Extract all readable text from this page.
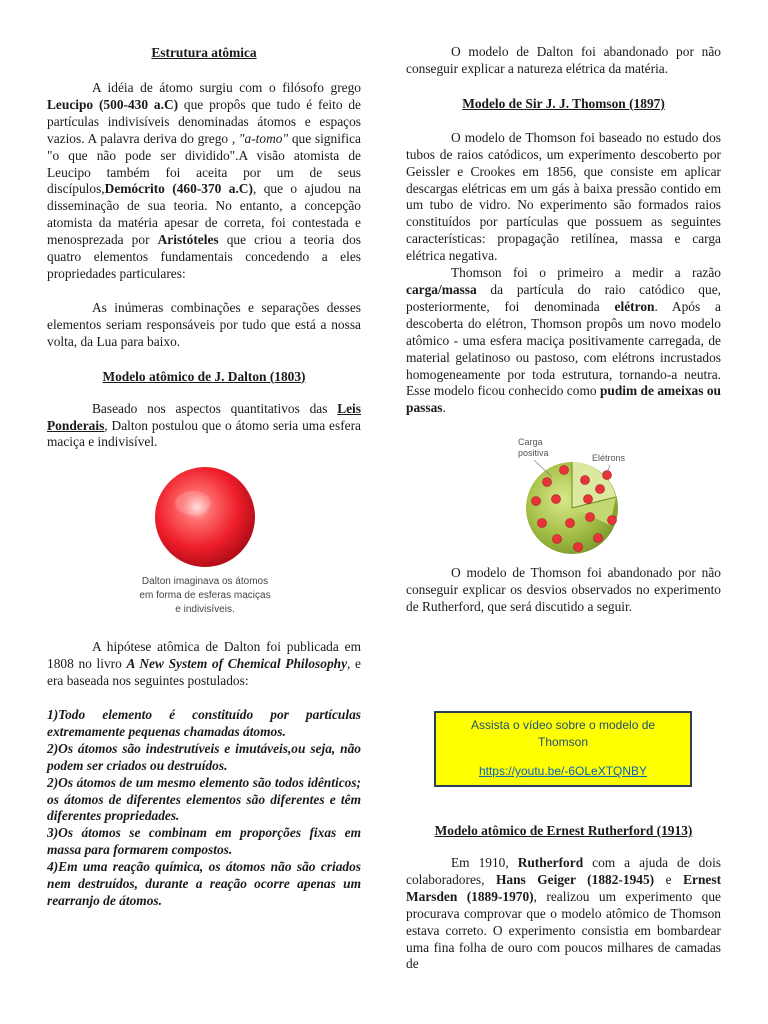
Estrutura atômica

A idéia de átomo surgiu com o filósofo grego Leucipo (500-430 a.C) que propôs que tudo é feito de partículas indivisíveis denominadas átomos e espaços vazios. A palavra deriva do grego , "a-tomo" que significa "o que não pode ser dividido".A visão atomista de Leucipo também foi aceita por um de seus discípulos,Demócrito (460-370 a.C), que o ajudou na disseminação de sua teoria. No entanto, a concepção atomista da matéria apesar de correta, foi contestada e menosprezada por Aristóteles que criou a teoria dos quatro elementos fundamentais concedendo a eles propriedades particulares:

As inúmeras combinações e separações desses elementos seriam responsáveis por tudo que está a nossa volta, da Lua para baixo.

Modelo atômico de J. Dalton (1803)

Baseado nos aspectos quantitativos das Leis Ponderais, Dalton postulou que o átomo seria uma esfera maciça e indivisível.

Dalton imaginava os átomos
em forma de esferas maciças
e indivisíveis.

A hipótese atômica de Dalton foi publicada em 1808 no livro A New System of Chemical Philosophy, e era baseada nos seguintes postulados:

1)Todo elemento é constituído por partículas extremamente pequenas chamadas átomos.

2)Os átomos são indestrutíveis e imutáveis,ou seja, não podem ser criados ou destruídos.

2)Os átomos de um mesmo elemento são todos idênticos; os átomos de diferentes elementos são diferentes e têm diferentes propriedades.

3)Os átomos se combinam em proporções fixas em massa para formarem compostos.

4)Em uma reação química, os átomos não são criados nem destruídos, durante a reação ocorre apenas um rearranjo de átomos.

O modelo de Dalton foi abandonado por não conseguir explicar a natureza elétrica da matéria.

Modelo de Sir J. J. Thomson (1897)

O modelo de Thomson foi baseado no estudo dos tubos de raios catódicos, um experimento descoberto por Geissler e Crookes em 1856, que consiste em aplicar descargas elétricas em um gás à baixa pressão contido em um tubo de vidro. No experimento são formados raios constituídos por partículas que possuem as seguintes características: propagação retilínea, massa e carga elétrica negativa.

Thomson foi o primeiro a medir a razão carga/massa da partícula do raio catódico que, posteriormente, foi denominada elétron. Após a descoberta do elétron, Thomson propôs um novo modelo atômico - uma esfera maciça positivamente carregada, de material gelatinoso ou pastoso, com elétrons incrustados homogeneamente por toda estrutura, tornando-a neutra. Esse modelo ficou conhecido como pudim de ameixas ou passas.

Carga
positiva	Elétrons

O modelo de Thomson foi abandonado por não conseguir explicar os desvios observados no experimento de Rutherford, que será discutido a seguir.

Assista o vídeo sobre o modelo de
Thomson
https://youtu.be/-6OLeXTQNBY
Modelo atômico de Ernest Rutherford (1913)

Em 1910, Rutherford com a ajuda de dois colaboradores, Hans Geiger (1882-1945) e Ernest Marsden (1889-1970), realizou um experimento que procurava comprovar que o modelo atômico de Thomson estava correto. O experimento consistia em bombardear uma fina folha de ouro com poucos milhares de camadas de
